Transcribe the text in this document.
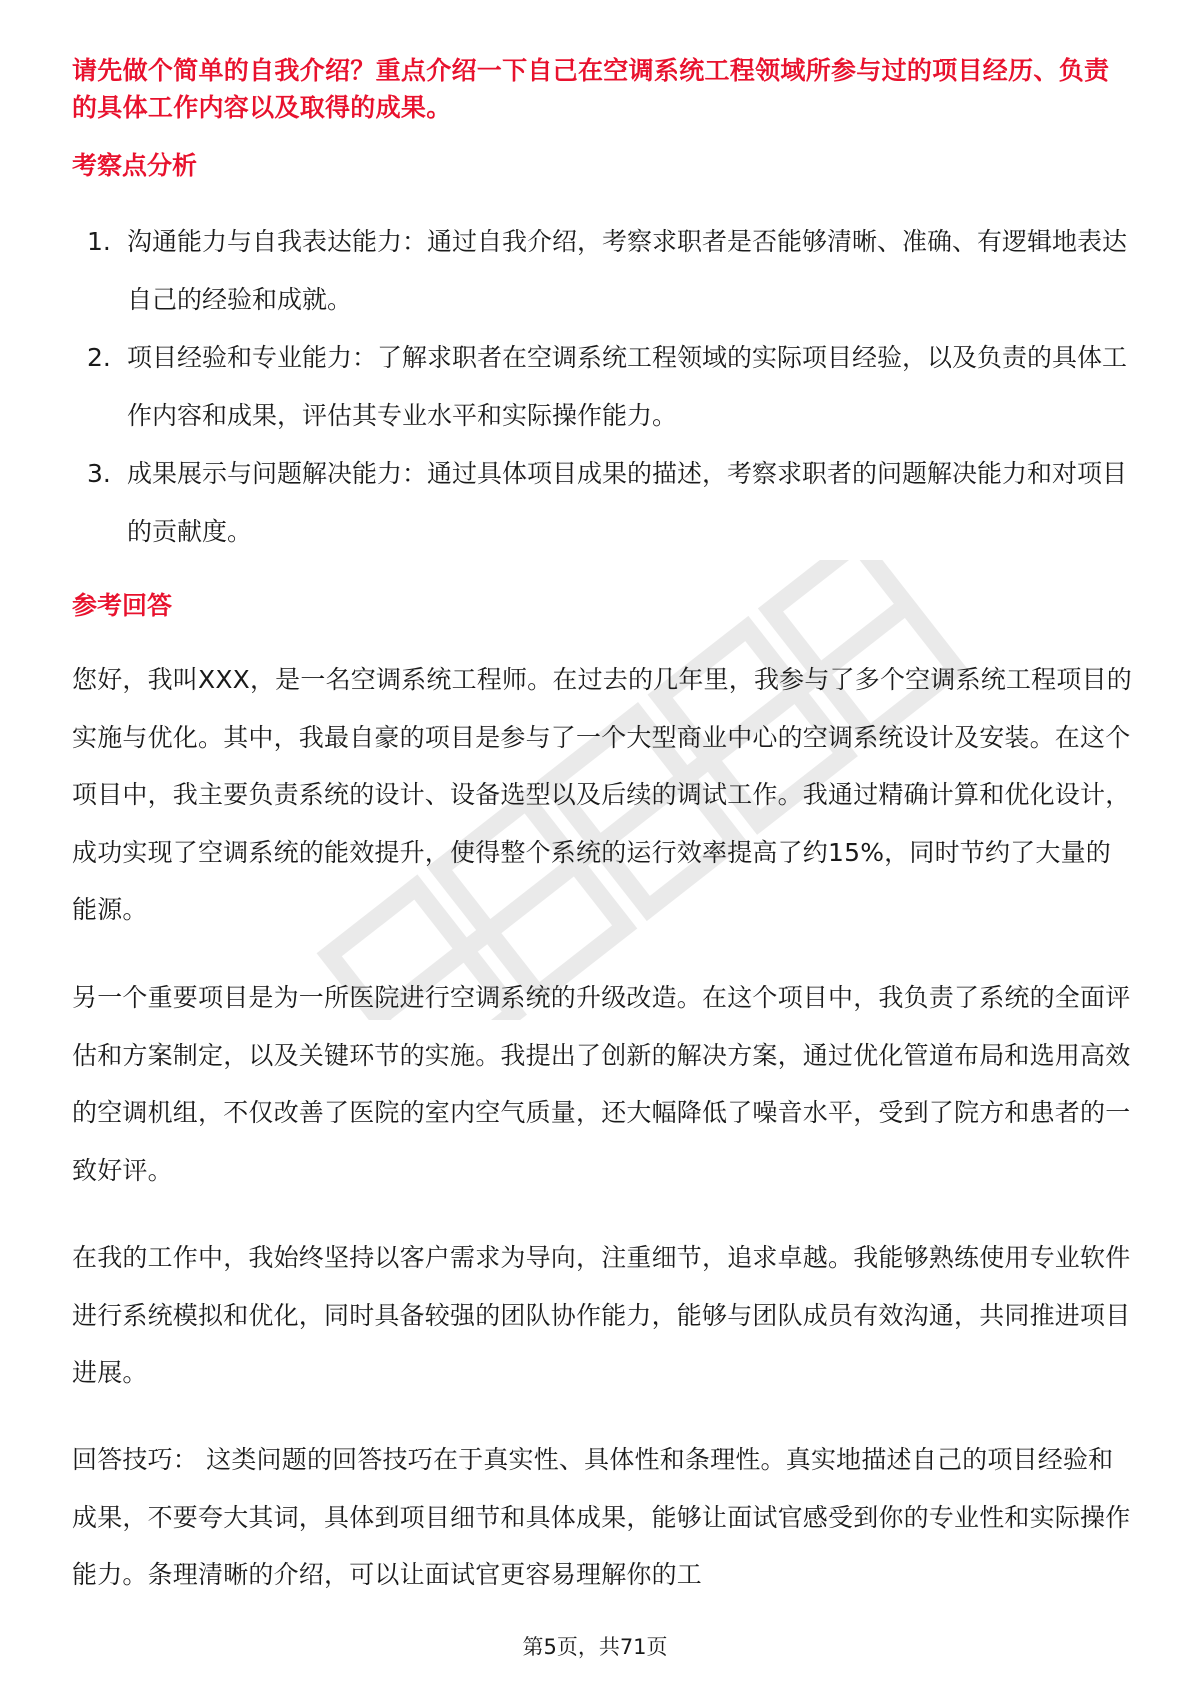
请先做个简单的自我介绍？重点介绍一下自己在空调系统工程领域所参与过的项目经历、负责的具体工作内容以及取得的成果。
考察点分析
1. 沟通能力与自我表达能力：通过自我介绍，考察求职者是否能够清晰、准确、有逻辑地表达自己的经验和成就。
2. 项目经验和专业能力：了解求职者在空调系统工程领域的实际项目经验，以及负责的具体工作内容和成果，评估其专业水平和实际操作能力。
3. 成果展示与问题解决能力：通过具体项目成果的描述，考察求职者的问题解决能力和对项目的贡献度。
参考回答

您好，我叫XXX，是一名空调系统工程师。在过去的几年里，我参与了多个空调系统工程项目的实施与优化。其中，我最自豪的项目是参与了一个大型商业中心的空调系统设计及安装。在这个项目中，我主要负责系统的设计、设备选型以及后续的调试工作。我通过精确计算和优化设计，成功实现了空调系统的能效提升，使得整个系统的运行效率提高了约15%，同时节约了大量的能源。

另一个重要项目是为一所医院进行空调系统的升级改造。在这个项目中，我负责了系统的全面评估和方案制定，以及关键环节的实施。我提出了创新的解决方案，通过优化管道布局和选用高效的空调机组，不仅改善了医院的室内空气质量，还大幅降低了噪音水平，受到了院方和患者的一致好评。

在我的工作中，我始终坚持以客户需求为导向，注重细节，追求卓越。我能够熟练使用专业软件进行系统模拟和优化，同时具备较强的团队协作能力，能够与团队成员有效沟通，共同推进项目进展。

回答技巧： 这类问题的回答技巧在于真实性、具体性和条理性。真实地描述自己的项目经验和成果，不要夸大其词，具体到项目细节和具体成果，能够让面试官感受到你的专业性和实际操作能力。条理清晰的介绍，可以让面试官更容易理解你的工

第5页，共71页
